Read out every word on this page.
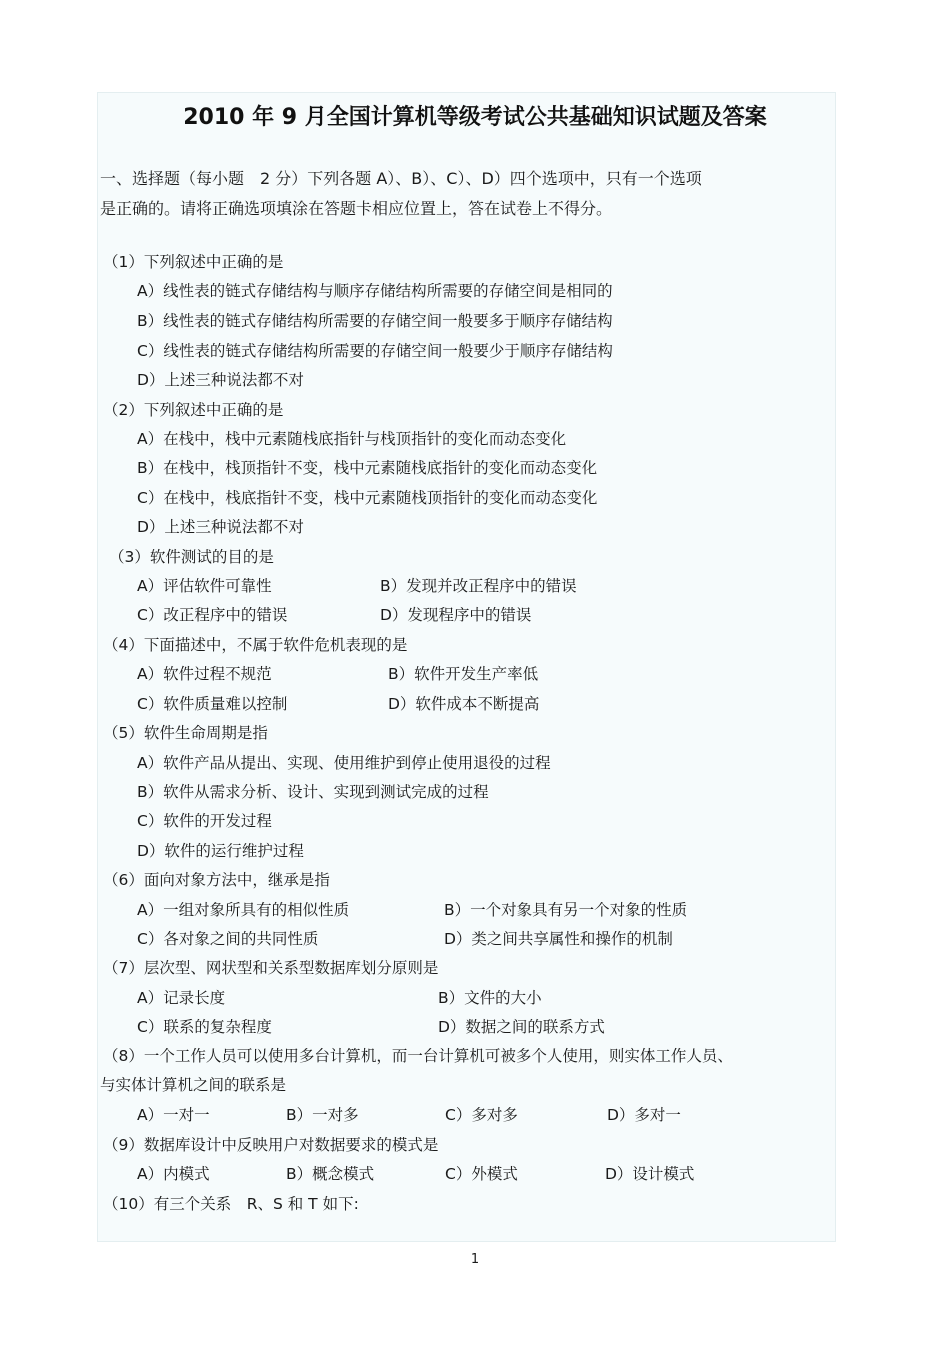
2010 年 9 月全国计算机等级考试公共基础知识试题及答案
一、选择题（每小题　2 分）下列各题 A）、B）、C）、D）四个选项中，只有一个选项
是正确的。请将正确选项填涂在答题卡相应位置上，答在试卷上不得分。
（1）下列叙述中正确的是
A）线性表的链式存储结构与顺序存储结构所需要的存储空间是相同的
B）线性表的链式存储结构所需要的存储空间一般要多于顺序存储结构
C）线性表的链式存储结构所需要的存储空间一般要少于顺序存储结构
D）上述三种说法都不对
（2）下列叙述中正确的是
A）在栈中，栈中元素随栈底指针与栈顶指针的变化而动态变化
B）在栈中，栈顶指针不变，栈中元素随栈底指针的变化而动态变化
C）在栈中，栈底指针不变，栈中元素随栈顶指针的变化而动态变化
D）上述三种说法都不对
（3）软件测试的目的是
A）评估软件可靠性	B）发现并改正程序中的错误
C）改正程序中的错误	D）发现程序中的错误
（4）下面描述中，不属于软件危机表现的是
A）软件过程不规范	B）软件开发生产率低
C）软件质量难以控制	D）软件成本不断提高
（5）软件生命周期是指
A）软件产品从提出、实现、使用维护到停止使用退役的过程
B）软件从需求分析、设计、实现到测试完成的过程
C）软件的开发过程
D）软件的运行维护过程
（6）面向对象方法中，继承是指
A）一组对象所具有的相似性质	B）一个对象具有另一个对象的性质
C）各对象之间的共同性质	D）类之间共享属性和操作的机制
（7）层次型、网状型和关系型数据库划分原则是
A）记录长度	B）文件的大小
C）联系的复杂程度	D）数据之间的联系方式
（8）一个工作人员可以使用多台计算机，而一台计算机可被多个人使用，则实体工作人员、
与实体计算机之间的联系是
A）一对一	B）一对多	C）多对多	D）多对一
（9）数据库设计中反映用户对数据要求的模式是
A）内模式	B）概念模式	C）外模式	D）设计模式
（10）有三个关系　R、S 和 T 如下:
1
